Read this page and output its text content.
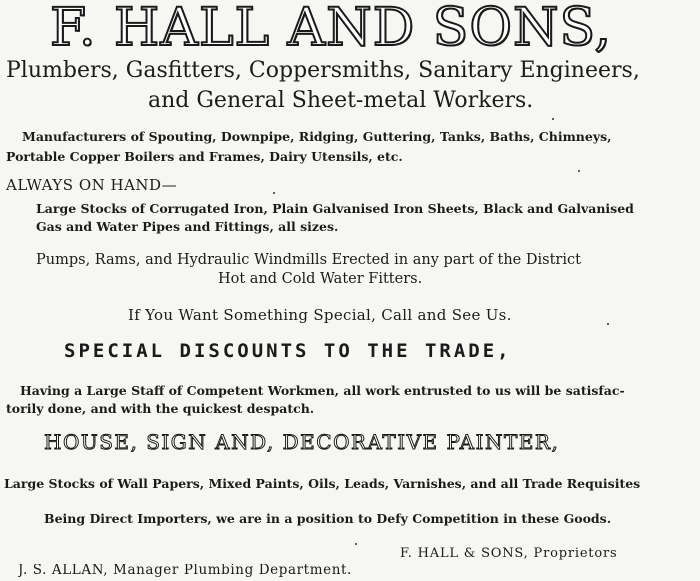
F. HALL AND SONS,
Plumbers, Gasfitters, Coppersmiths, Sanitary Engineers,
and General Sheet-metal Workers.
Manufacturers of Spouting, Downpipe, Ridging, Guttering, Tanks, Baths, Chimneys,
Portable Copper Boilers and Frames, Dairy Utensils, etc.
ALWAYS ON HAND—
Large Stocks of Corrugated Iron, Plain Galvanised Iron Sheets, Black and Galvanised
Gas and Water Pipes and Fittings, all sizes.
Pumps, Rams, and Hydraulic Windmills Erected in any part of the District
Hot and Cold Water Fitters.
If You Want Something Special, Call and See Us.
SPECIAL DISCOUNTS TO THE TRADE,
Having a Large Staff of Competent Workmen, all work entrusted to us will be satisfac-
torily done, and with the quickest despatch.
HOUSE, SIGN AND, DECORATIVE PAINTER,
Large Stocks of Wall Papers, Mixed Paints, Oils, Leads, Varnishes, and all Trade Requisites
Being Direct Importers, we are in a position to Defy Competition in these Goods.
F. HALL & SONS, Proprietors
J. S. ALLAN, Manager Plumbing Department.
